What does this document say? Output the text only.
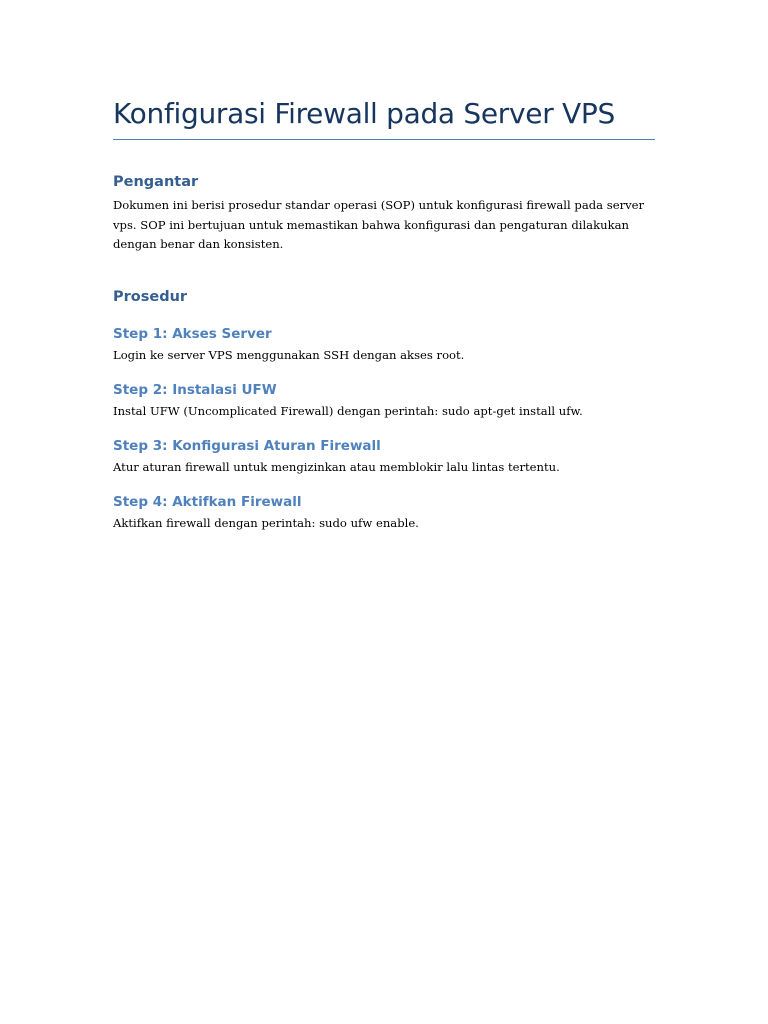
Konfigurasi Firewall pada Server VPS
Pengantar

Dokumen ini berisi prosedur standar operasi (SOP) untuk konfigurasi firewall pada server

vps. SOP ini bertujuan untuk memastikan bahwa konfigurasi dan pengaturan dilakukan

dengan benar dan konsisten.

Prosedur
Step 1: Akses Server

Login ke server VPS menggunakan SSH dengan akses root.

Step 2: Instalasi UFW

Instal UFW (Uncomplicated Firewall) dengan perintah: sudo apt-get install ufw.

Step 3: Konfigurasi Aturan Firewall

Atur aturan firewall untuk mengizinkan atau memblokir lalu lintas tertentu.

Step 4: Aktifkan Firewall

Aktifkan firewall dengan perintah: sudo ufw enable.
